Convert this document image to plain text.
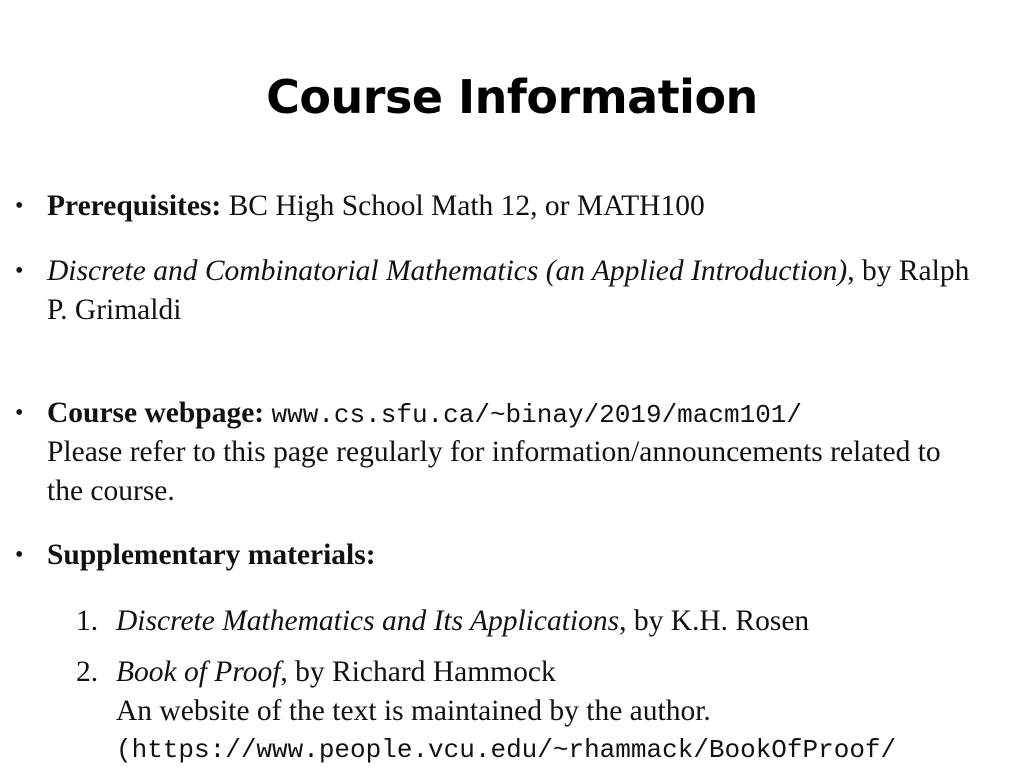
Course Information
• Prerequisites: BC High School Math 12, or MATH100
• Discrete and Combinatorial Mathematics (an Applied Introduction), by Ralph
P. Grimaldi
• Course webpage: www.cs.sfu.ca/~binay/2019/macm101/
Please refer to this page regularly for information/announcements related to
the course.
• Supplementary materials:
1. Discrete Mathematics and Its Applications, by K.H. Rosen
2. Book of Proof, by Richard Hammock
An website of the text is maintained by the author.
(https://www.people.vcu.edu/~rhammack/BookOfProof/
